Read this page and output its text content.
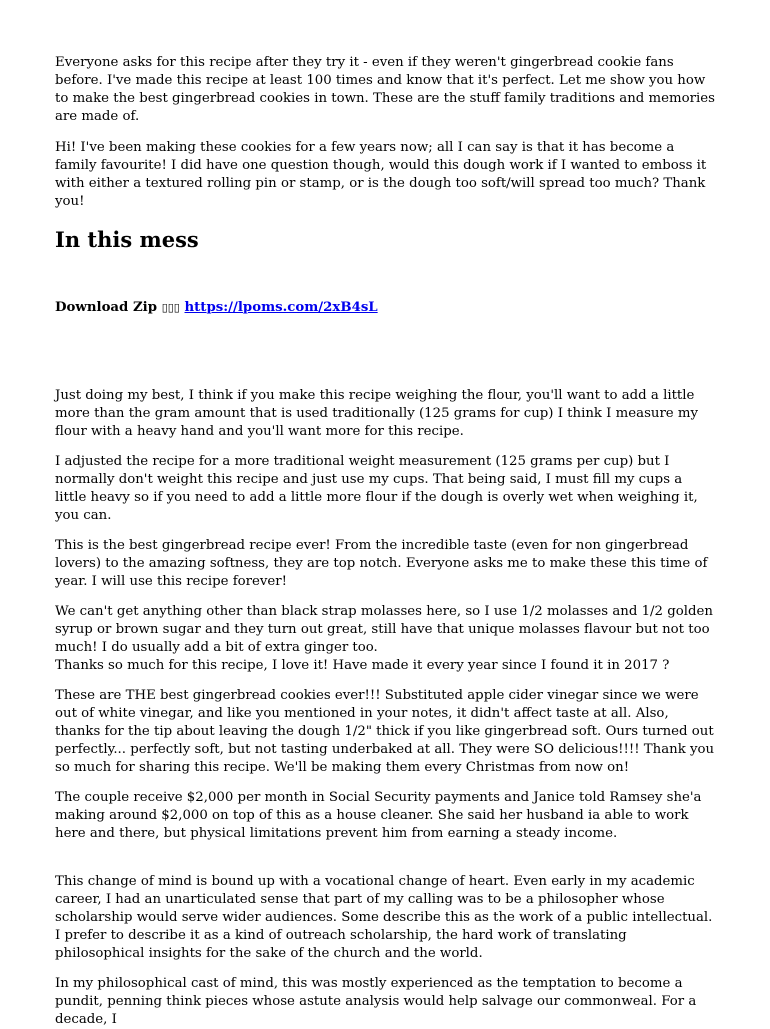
Everyone asks for this recipe after they try it - even if they weren't gingerbread cookie fans before. I've made this recipe at least 100 times and know that it's perfect. Let me show you how to make the best gingerbread cookies in town. These are the stuff family traditions and memories are made of.

Hi! I've been making these cookies for a few years now; all I can say is that it has become a family favourite! I did have one question though, would this dough work if I wanted to emboss it with either a textured rolling pin or stamp, or is the dough too soft/will spread too much? Thank you!

In this mess
Download Zip ▯▯▯ https://lpoms.com/2xB4sL

Just doing my best, I think if you make this recipe weighing the flour, you'll want to add a little more than the gram amount that is used traditionally (125 grams for cup) I think I measure my flour with a heavy hand and you'll want more for this recipe.

I adjusted the recipe for a more traditional weight measurement (125 grams per cup) but I normally don't weight this recipe and just use my cups. That being said, I must fill my cups a little heavy so if you need to add a little more flour if the dough is overly wet when weighing it, you can.

This is the best gingerbread recipe ever! From the incredible taste (even for non gingerbread lovers) to the amazing softness, they are top notch. Everyone asks me to make these this time of year. I will use this recipe forever!

We can't get anything other than black strap molasses here, so I use 1/2 molasses and 1/2 golden syrup or brown sugar and they turn out great, still have that unique molasses flavour but not too much! I do usually add a bit of extra ginger too.
Thanks so much for this recipe, I love it! Have made it every year since I found it in 2017 ?

These are THE best gingerbread cookies ever!!! Substituted apple cider vinegar since we were out of white vinegar, and like you mentioned in your notes, it didn't affect taste at all. Also, thanks for the tip about leaving the dough 1/2" thick if you like gingerbread soft. Ours turned out perfectly... perfectly soft, but not tasting underbaked at all. They were SO delicious!!!! Thank you so much for sharing this recipe. We'll be making them every Christmas from now on!

The couple receive $2,000 per month in Social Security payments and Janice told Ramsey she'a making around $2,000 on top of this as a house cleaner. She said her husband ia able to work here and there, but physical limitations prevent him from earning a steady income.

This change of mind is bound up with a vocational change of heart. Even early in my academic career, I had an unarticulated sense that part of my calling was to be a philosopher whose scholarship would serve wider audiences. Some describe this as the work of a public intellectual. I prefer to describe it as a kind of outreach scholarship, the hard work of translating philosophical insights for the sake of the church and the world.

In my philosophical cast of mind, this was mostly experienced as the temptation to become a pundit, penning think pieces whose astute analysis would help salvage our commonweal. For a decade, I
